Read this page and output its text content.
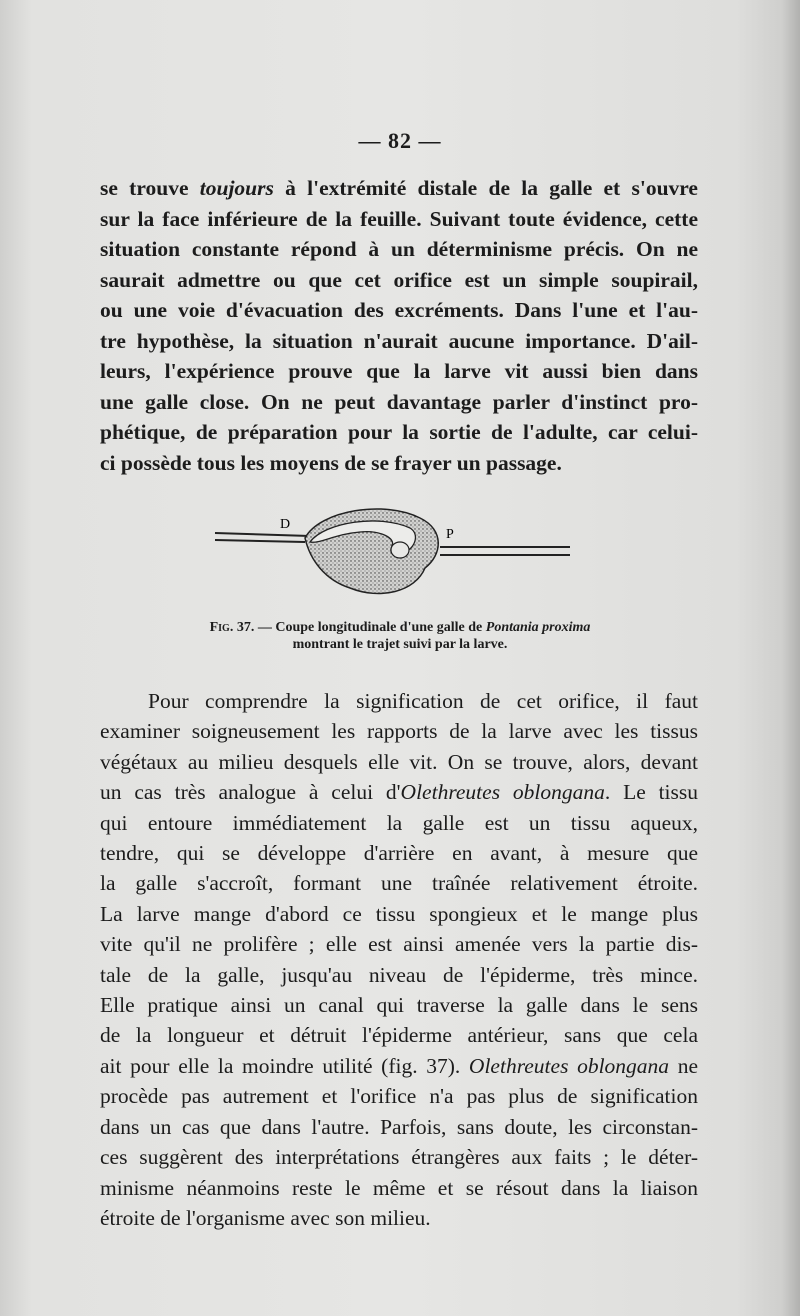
— 82 —
se trouve toujours à l'extrémité distale de la galle et s'ouvre
sur la face inférieure de la feuille. Suivant toute évidence, cette
situation constante répond à un déterminisme précis. On ne
saurait admettre ou que cet orifice est un simple soupirail,
ou une voie d'évacuation des excréments. Dans l'une et l'au-
tre hypothèse, la situation n'aurait aucune importance. D'ail-
leurs, l'expérience prouve que la larve vit aussi bien dans
une galle close. On ne peut davantage parler d'instinct pro-
phétique, de préparation pour la sortie de l'adulte, car celui-
ci possède tous les moyens de se frayer un passage.
D
P
Fig. 37. — Coupe longitudinale d'une galle de Pontania proxima
montrant le trajet suivi par la larve.
Pour comprendre la signification de cet orifice, il faut
examiner soigneusement les rapports de la larve avec les tissus
végétaux au milieu desquels elle vit. On se trouve, alors, devant
un cas très analogue à celui d'Olethreutes oblongana. Le tissu
qui entoure immédiatement la galle est un tissu aqueux,
tendre, qui se développe d'arrière en avant, à mesure que
la galle s'accroît, formant une traînée relativement étroite.
La larve mange d'abord ce tissu spongieux et le mange plus
vite qu'il ne prolifère ; elle est ainsi amenée vers la partie dis-
tale de la galle, jusqu'au niveau de l'épiderme, très mince.
Elle pratique ainsi un canal qui traverse la galle dans le sens
de la longueur et détruit l'épiderme antérieur, sans que cela
ait pour elle la moindre utilité (fig. 37). Olethreutes oblongana ne
procède pas autrement et l'orifice n'a pas plus de signification
dans un cas que dans l'autre. Parfois, sans doute, les circonstan-
ces suggèrent des interprétations étrangères aux faits ; le déter-
minisme néanmoins reste le même et se résout dans la liaison
étroite de l'organisme avec son milieu.
